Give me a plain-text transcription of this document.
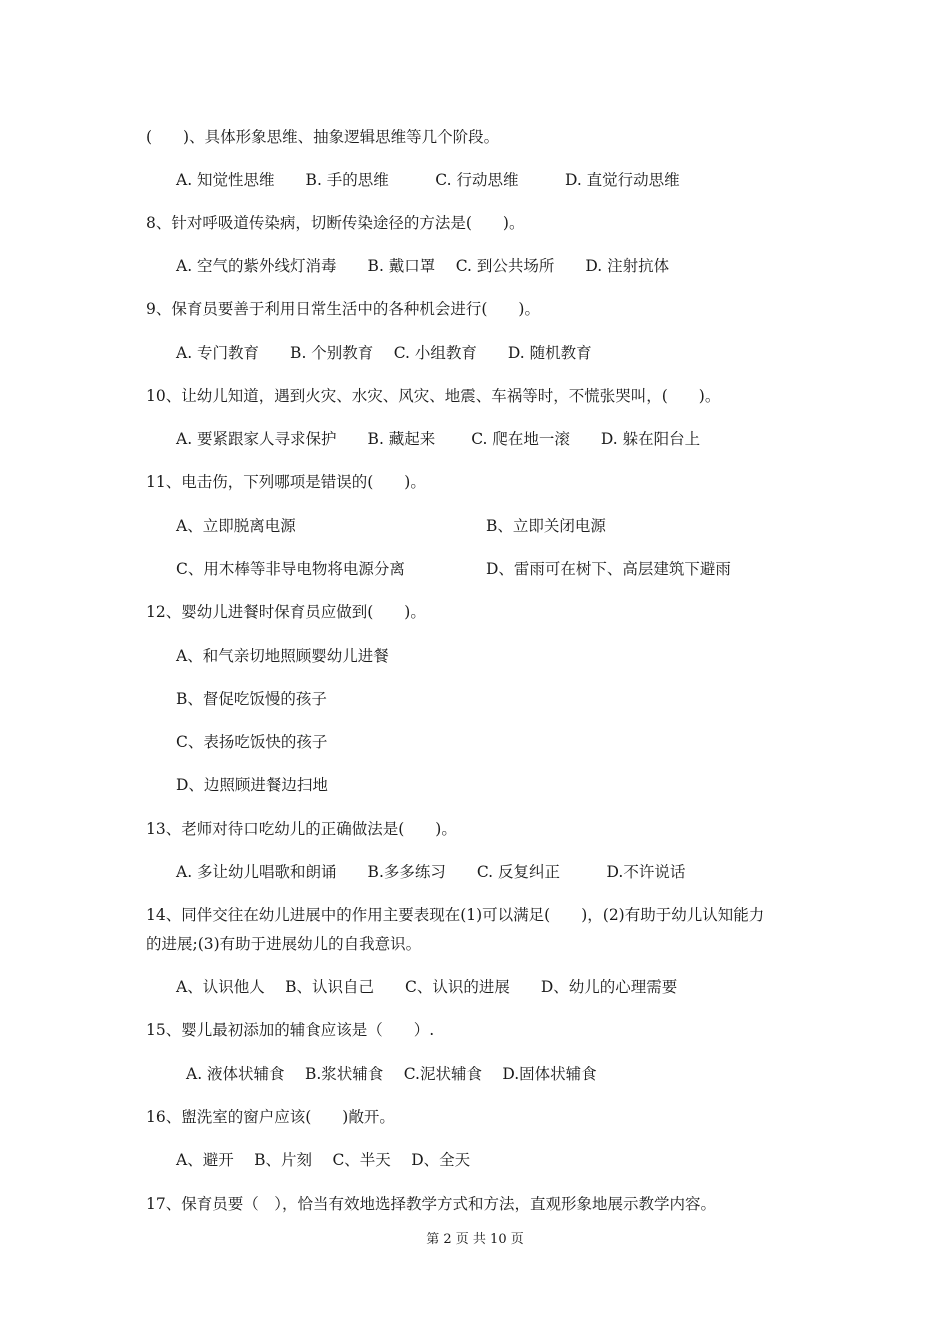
(　　)、具体形象思维、抽象逻辑思维等几个阶段。
A. 知觉性思维　　B. 手的思维　　　C. 行动思维　　　D. 直觉行动思维
8、针对呼吸道传染病，切断传染途径的方法是(　　)。
A. 空气的紫外线灯消毒　　B. 戴口罩　 C. 到公共场所　　D. 注射抗体
9、保育员要善于利用日常生活中的各种机会进行(　　)。
A. 专门教育　　B. 个别教育　 C. 小组教育　　D. 随机教育
10、让幼儿知道，遇到火灾、水灾、风灾、地震、车祸等时，不慌张哭叫，(　　)。
A. 要紧跟家人寻求保护　　B. 藏起来　　 C. 爬在地一滚　　D. 躲在阳台上
11、电击伤，下列哪项是错误的(　　)。
A、立即脱离电源	B、立即关闭电源
C、用木棒等非导电物将电源分离	D、雷雨可在树下、高层建筑下避雨
12、婴幼儿进餐时保育员应做到(　　)。
A、和气亲切地照顾婴幼儿进餐
B、督促吃饭慢的孩子
C、表扬吃饭快的孩子
D、边照顾进餐边扫地
13、老师对待口吃幼儿的正确做法是(　　)。
A. 多让幼儿唱歌和朗诵　　B.多多练习　　C. 反复纠正　　　D.不许说话
14、同伴交往在幼儿进展中的作用主要表现在(1)可以满足(　　)，(2)有助于幼儿认知能力
的进展;(3)有助于进展幼儿的自我意识。
A、认识他人　 B、认识自己　　C、认识的进展　　D、幼儿的心理需要
15、婴儿最初添加的辅食应该是（　　）.
A. 液体状辅食　 B.浆状辅食　 C.泥状辅食　 D.固体状辅食
16、盥洗室的窗户应该(　　)敞开。
A、避开　 B、片刻　 C、半天　 D、全天
17、保育员要（　），恰当有效地选择教学方式和方法，直观形象地展示教学内容。
第 2 页 共 10 页
